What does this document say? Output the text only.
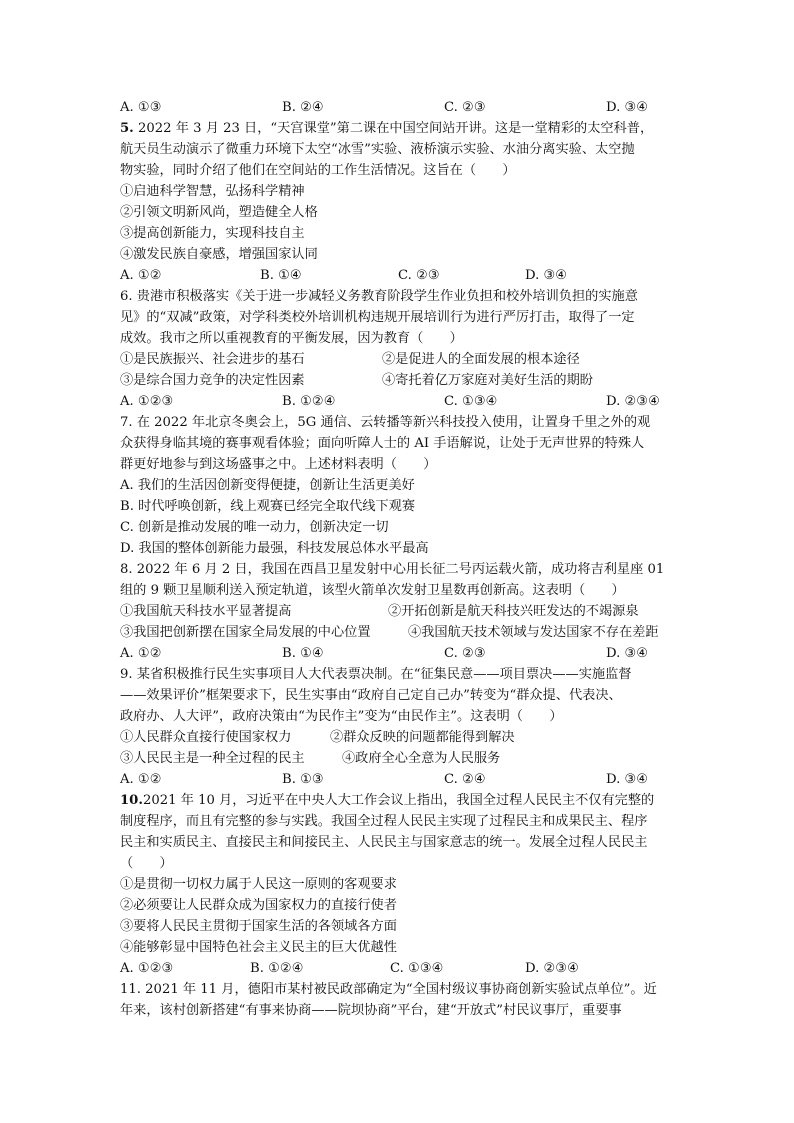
A. ①③	B. ②④	C. ②③	D. ③④
5. 2022 年 3 月 23 日，“天宫课堂”第二课在中国空间站开讲。这是一堂精彩的太空科普，
航天员生动演示了微重力环境下太空“冰雪”实验、液桥演示实验、水油分离实验、太空抛
物实验，同时介绍了他们在空间站的工作生活情况。这旨在（　　）
①启迪科学智慧，弘扬科学精神
②引领文明新风尚，塑造健全人格
③提高创新能力，实现科技自主
④激发民族自豪感，增强国家认同
A. ①②	B. ①④	C. ②③	D. ③④
6. 贵港市积极落实《关于进一步减轻义务教育阶段学生作业负担和校外培训负担的实施意
见》的“双减”政策，对学科类校外培训机构违规开展培训行为进行严厉打击，取得了一定
成效。我市之所以重视教育的平衡发展，因为教育（　　）
①是民族振兴、社会进步的基石	②是促进人的全面发展的根本途径
③是综合国力竞争的决定性因素	④寄托着亿万家庭对美好生活的期盼
A. ①②③	B. ①②④	C. ①③④	D. ②③④
7. 在 2022 年北京冬奥会上，5G 通信、云转播等新兴科技投入使用，让置身千里之外的观
众获得身临其境的赛事观看体验；面向听障人士的 AI 手语解说，让处于无声世界的特殊人
群更好地参与到这场盛事之中。上述材料表明（　　）
A. 我们的生活因创新变得便捷，创新让生活更美好
B. 时代呼唤创新，线上观赛已经完全取代线下观赛
C. 创新是推动发展的唯一动力，创新决定一切
D. 我国的整体创新能力最强，科技发展总体水平最高
8. 2022 年 6 月 2 日，我国在西昌卫星发射中心用长征二号丙运载火箭，成功将吉利星座 01
组的 9 颗卫星顺利送入预定轨道，该型火箭单次发射卫星数再创新高。这表明（　　）
①我国航天科技水平显著提高	②开拓创新是航天科技兴旺发达的不竭源泉
③我国把创新摆在国家全局发展的中心位置	④我国航天技术领域与发达国家不存在差距
A. ①②	B. ①④	C. ②③	D. ③④
9. 某省积极推行民生实事项目人大代表票决制。在“征集民意——项目票决——实施监督
——效果评价”框架要求下，民生实事由“政府自己定自己办”转变为“群众提、代表决、
政府办、人大评”，政府决策由“为民作主”变为“由民作主”。这表明（　　）
①人民群众直接行使国家权力	②群众反映的问题都能得到解决
③人民民主是一种全过程的民主	④政府全心全意为人民服务
A. ①②	B. ①③	C. ②④	D. ③④
10.2021 年 10 月，习近平在中央人大工作会议上指出，我国全过程人民民主不仅有完整的
制度程序，而且有完整的参与实践。我国全过程人民民主实现了过程民主和成果民主、程序
民主和实质民主、直接民主和间接民主、人民民主与国家意志的统一。发展全过程人民民主
（　　）
①是贯彻一切权力属于人民这一原则的客观要求
②必须要让人民群众成为国家权力的直接行使者
③要将人民民主贯彻于国家生活的各领域各方面
④能够彰显中国特色社会主义民主的巨大优越性
A. ①②③	B. ①②④	C. ①③④	D. ②③④
11. 2021 年 11 月，德阳市某村被民政部确定为“全国村级议事协商创新实验试点单位”。近
年来，该村创新搭建“有事来协商——院坝协商”平台，建“开放式”村民议事厅，重要事
